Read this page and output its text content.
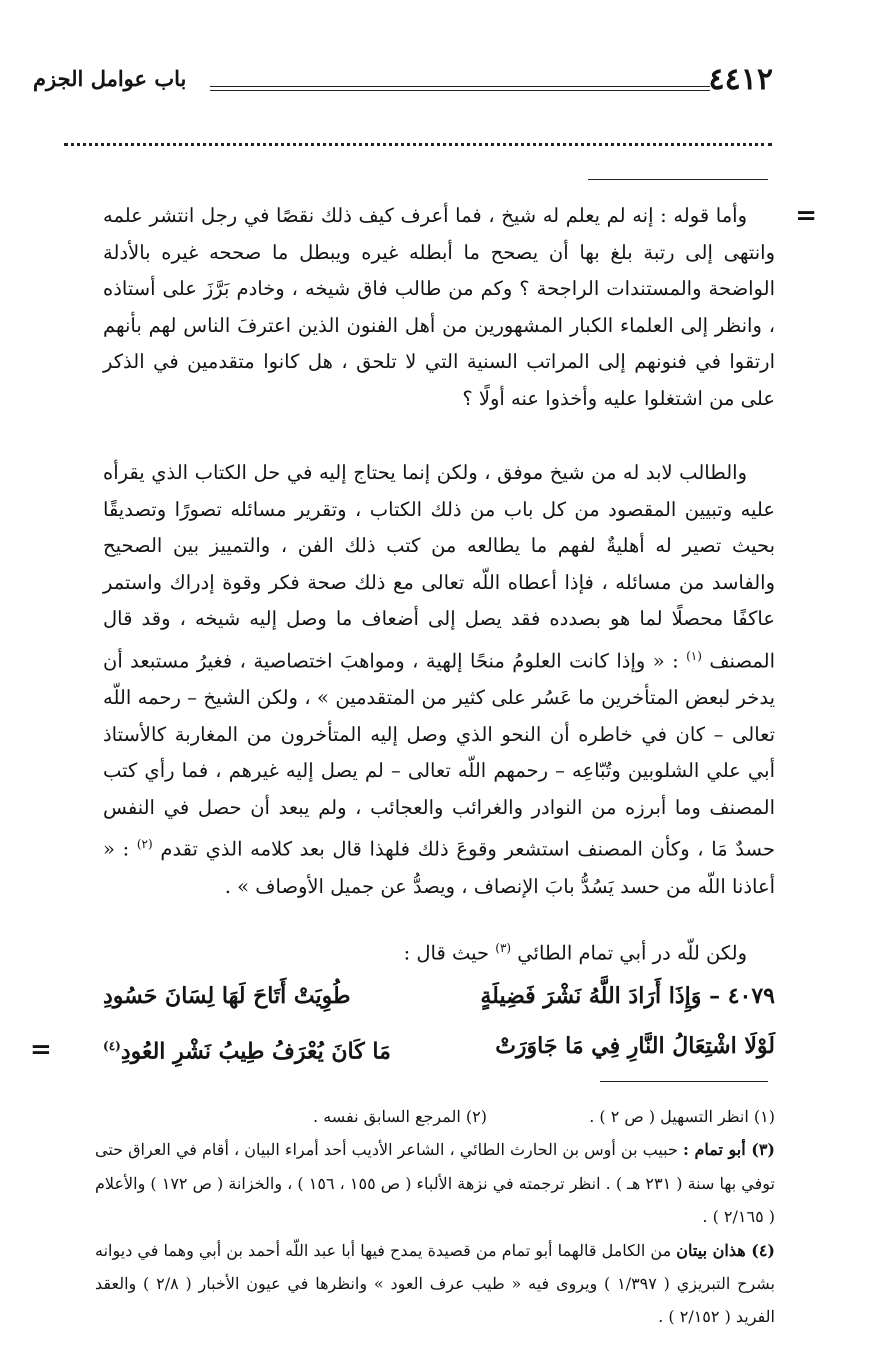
٤٤١٢
باب عوامل الجزم
=

وأما قوله : إنه لم يعلم له شيخ ، فما أعرف كيف ذلك نقصًا في رجل انتشر علمه وانتهى إلى رتبة بلغ بها أن يصحح ما أبطله غيره ويبطل ما صححه غيره بالأدلة الواضحة والمستندات الراجحة ؟ وكم من طالب فاق شيخه ، وخادم بَرَّزَ على أستاذه ، وانظر إلى العلماء الكبار المشهورين من أهل الفنون الذين اعترفَ الناس لهم بأنهم ارتقوا في فنونهم إلى المراتب السنية التي لا تلحق ، هل كانوا متقدمين في الذكر على من اشتغلوا عليه وأخذوا عنه أولًا ؟

والطالب لابد له من شيخ موفق ، ولكن إنما يحتاج إليه في حل الكتاب الذي يقرأه عليه وتبيين المقصود من كل باب من ذلك الكتاب ، وتقرير مسائله تصورًا وتصديقًا بحيث تصير له أهليةٌ لفهم ما يطالعه من كتب ذلك الفن ، والتمييز بين الصحيح والفاسد من مسائله ، فإذا أعطاه اللّه تعالى مع ذلك صحة فكر وقوة إدراك واستمر عاكفًا محصلًا لما هو بصدده فقد يصل إلى أضعاف ما وصل إليه شيخه ، وقد قال المصنف $^{(١)}$ : « وإذا كانت العلومُ منحًا إلهية ، ومواهبَ اختصاصية ، فغيرُ مستبعد أن يدخر لبعض المتأخرين ما عَسُر على كثير من المتقدمين » ، ولكن الشيخ – رحمه اللّه تعالى – كان في خاطره أن النحو الذي وصل إليه المتأخرون من المغاربة كالأستاذ أبي علي الشلوبين وتُبّاعِه – رحمهم اللّه تعالى – لم يصل إليه غيرهم ، فما رأي كتب المصنف وما أبرزه من النوادر والغرائب والعجائب ، ولم يبعد أن حصل في النفس حسدٌ مَا ، وكأن المصنف استشعر وقوعَ ذلك فلهذا قال بعد كلامه الذي تقدم $^{(٢)}$ : « أعاذنا اللّه من حسد يَسُدُّ بابَ الإنصاف ، ويصدُّ عن جميل الأوصاف » .

ولكن للّه در أبي تمام الطائي $^{(٣)}$ حيث قال :

٤٠٧٩ – وَإِذَا أَرَادَ اللَّهُ نَشْرَ فَضِيلَةٍ
طُوِيَتْ أَتَاحَ لَهَا لِسَانَ حَسُودِ
لَوْلَا اشْتِعَالُ النَّارِ فِي مَا جَاوَرَتْ
مَا كَانَ يُعْرَفُ طِيبُ نَشْرِ العُودِ$^{(٤)}$
=

(١) انظر التسهيل ( ص ٢ ) .
(٢) المرجع السابق نفسه .

(٣) أبو تمام : حبيب بن أوس بن الحارث الطائي ، الشاعر الأديب أحد أمراء البيان ، أقام في العراق حتى توفي بها سنة ( ٢٣١ هـ ) . انظر ترجمته في نزهة الألباء ( ص ١٥٥ ، ١٥٦ ) ، والخزانة ( ص ١٧٢ ) والأعلام ( ٢/١٦٥ ) .

(٤) هذان بيتان من الكامل قالهما أبو تمام من قصيدة يمدح فيها أبا عبد اللّه أحمد بن أبي وهما في ديوانه بشرح التبريزي ( ١/٣٩٧ ) ويروى فيه « طيب عرف العود » وانظرها في عيون الأخبار ( ٢/٨ ) والعقد الفريد ( ٢/١٥٢ ) .
